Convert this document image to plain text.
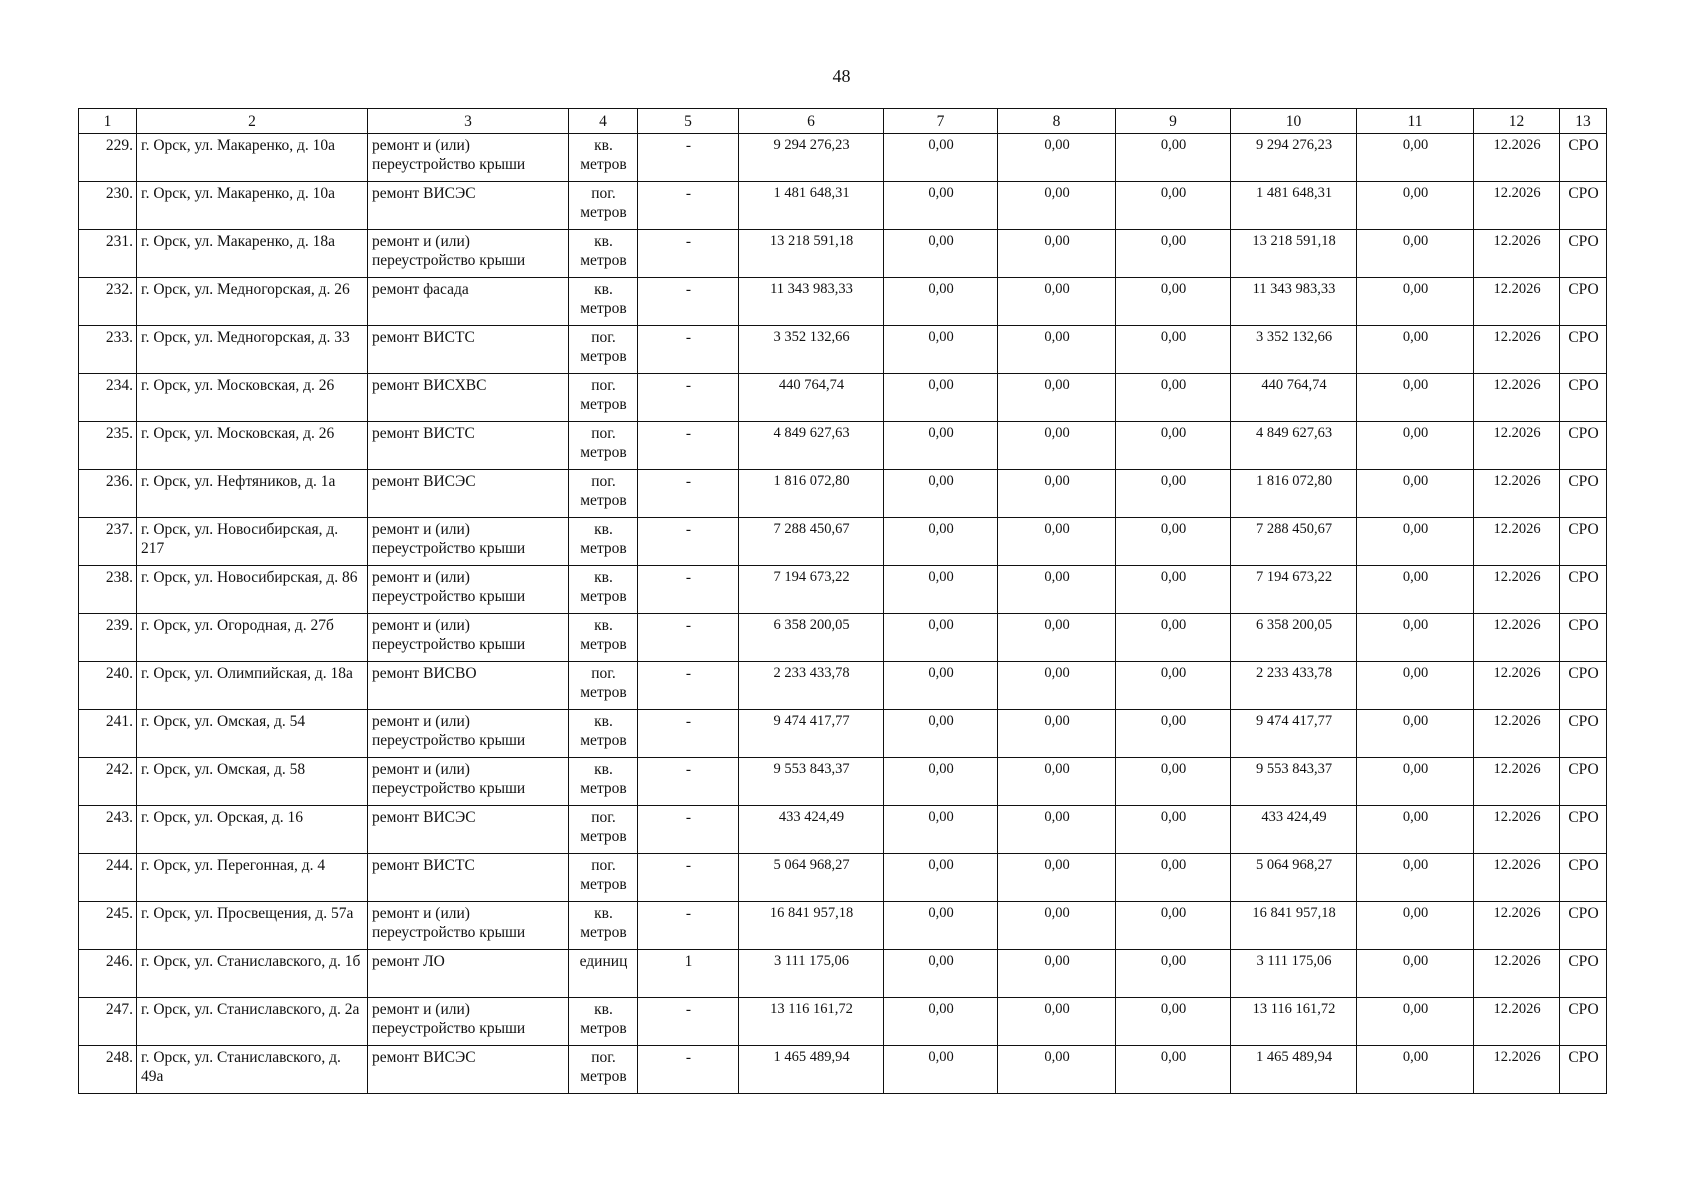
48
1	2	3	4	5	6	7	8	9	10	11	12	13
229.	г. Орск, ул. Макаренко, д. 10а	ремонт и (или) переустройство крыши	кв. метров	-	9 294 276,23	0,00	0,00	0,00	9 294 276,23	0,00	12.2026	СРО
230.	г. Орск, ул. Макаренко, д. 10а	ремонт ВИСЭС	пог. метров	-	1 481 648,31	0,00	0,00	0,00	1 481 648,31	0,00	12.2026	СРО
231.	г. Орск, ул. Макаренко, д. 18а	ремонт и (или) переустройство крыши	кв. метров	-	13 218 591,18	0,00	0,00	0,00	13 218 591,18	0,00	12.2026	СРО
232.	г. Орск, ул. Медногорская, д. 26	ремонт фасада	кв. метров	-	11 343 983,33	0,00	0,00	0,00	11 343 983,33	0,00	12.2026	СРО
233.	г. Орск, ул. Медногорская, д. 33	ремонт ВИСТС	пог. метров	-	3 352 132,66	0,00	0,00	0,00	3 352 132,66	0,00	12.2026	СРО
234.	г. Орск, ул. Московская, д. 26	ремонт ВИСХВС	пог. метров	-	440 764,74	0,00	0,00	0,00	440 764,74	0,00	12.2026	СРО
235.	г. Орск, ул. Московская, д. 26	ремонт ВИСТС	пог. метров	-	4 849 627,63	0,00	0,00	0,00	4 849 627,63	0,00	12.2026	СРО
236.	г. Орск, ул. Нефтяников, д. 1а	ремонт ВИСЭС	пог. метров	-	1 816 072,80	0,00	0,00	0,00	1 816 072,80	0,00	12.2026	СРО
237.	г. Орск, ул. Новосибирская, д. 217	ремонт и (или) переустройство крыши	кв. метров	-	7 288 450,67	0,00	0,00	0,00	7 288 450,67	0,00	12.2026	СРО
238.	г. Орск, ул. Новосибирская, д. 86	ремонт и (или) переустройство крыши	кв. метров	-	7 194 673,22	0,00	0,00	0,00	7 194 673,22	0,00	12.2026	СРО
239.	г. Орск, ул. Огородная, д. 27б	ремонт и (или) переустройство крыши	кв. метров	-	6 358 200,05	0,00	0,00	0,00	6 358 200,05	0,00	12.2026	СРО
240.	г. Орск, ул. Олимпийская, д. 18а	ремонт ВИСВО	пог. метров	-	2 233 433,78	0,00	0,00	0,00	2 233 433,78	0,00	12.2026	СРО
241.	г. Орск, ул. Омская, д. 54	ремонт и (или) переустройство крыши	кв. метров	-	9 474 417,77	0,00	0,00	0,00	9 474 417,77	0,00	12.2026	СРО
242.	г. Орск, ул. Омская, д. 58	ремонт и (или) переустройство крыши	кв. метров	-	9 553 843,37	0,00	0,00	0,00	9 553 843,37	0,00	12.2026	СРО
243.	г. Орск, ул. Орская, д. 16	ремонт ВИСЭС	пог. метров	-	433 424,49	0,00	0,00	0,00	433 424,49	0,00	12.2026	СРО
244.	г. Орск, ул. Перегонная, д. 4	ремонт ВИСТС	пог. метров	-	5 064 968,27	0,00	0,00	0,00	5 064 968,27	0,00	12.2026	СРО
245.	г. Орск, ул. Просвещения, д. 57а	ремонт и (или) переустройство крыши	кв. метров	-	16 841 957,18	0,00	0,00	0,00	16 841 957,18	0,00	12.2026	СРО
246.	г. Орск, ул. Станиславского, д. 1б	ремонт ЛО	единиц	1	3 111 175,06	0,00	0,00	0,00	3 111 175,06	0,00	12.2026	СРО
247.	г. Орск, ул. Станиславского, д. 2а	ремонт и (или) переустройство крыши	кв. метров	-	13 116 161,72	0,00	0,00	0,00	13 116 161,72	0,00	12.2026	СРО
248.	г. Орск, ул. Станиславского, д. 49а	ремонт ВИСЭС	пог. метров	-	1 465 489,94	0,00	0,00	0,00	1 465 489,94	0,00	12.2026	СРО
